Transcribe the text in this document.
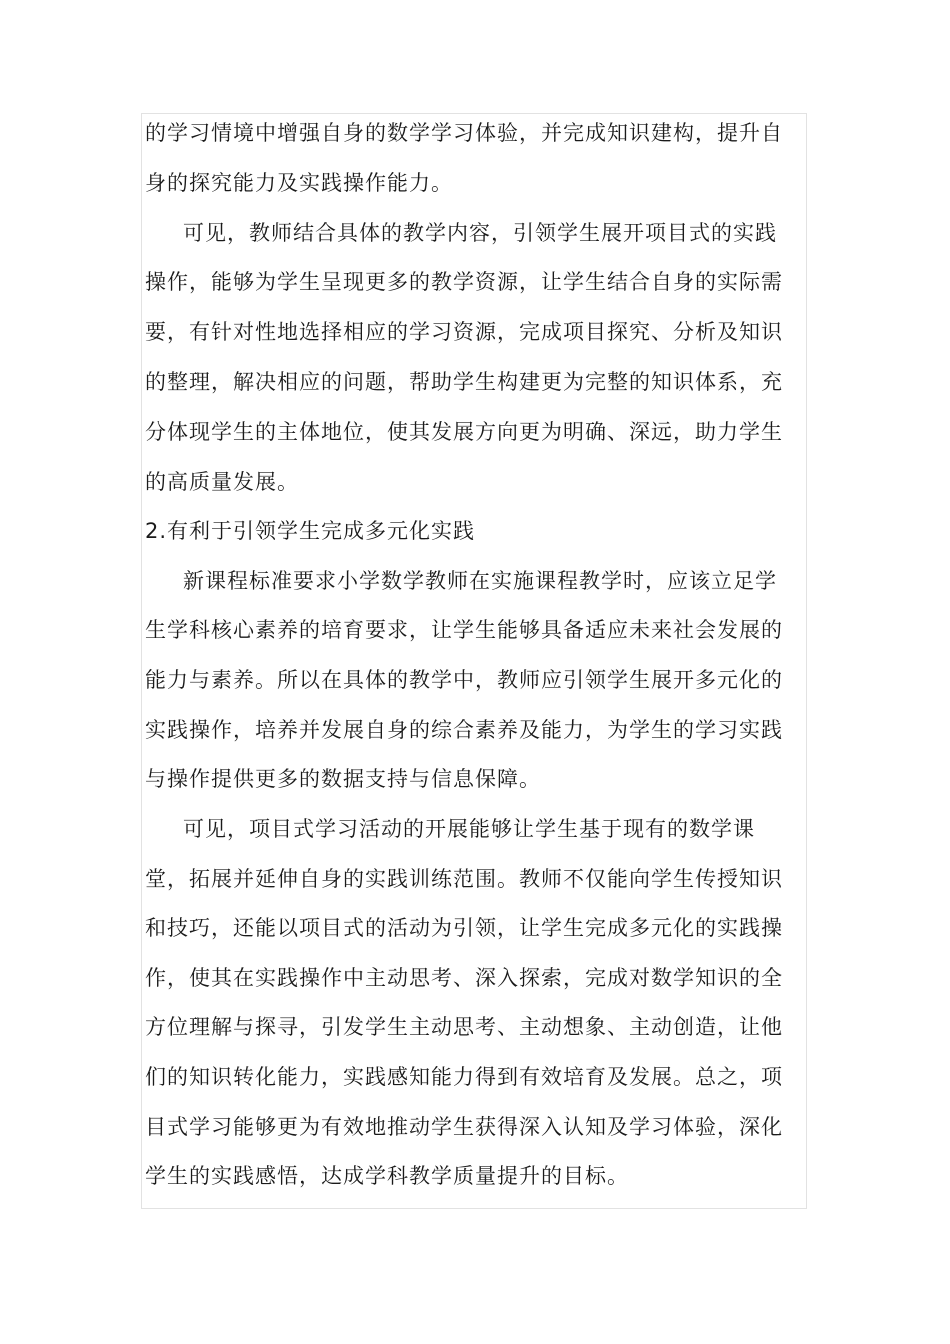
的学习情境中增强自身的数学学习体验，并完成知识建构，提升自
身的探究能力及实践操作能力。
可见，教师结合具体的教学内容，引领学生展开项目式的实践
操作，能够为学生呈现更多的教学资源，让学生结合自身的实际需
要，有针对性地选择相应的学习资源，完成项目探究、分析及知识
的整理，解决相应的问题，帮助学生构建更为完整的知识体系，充
分体现学生的主体地位，使其发展方向更为明确、深远，助力学生
的高质量发展。
2.有利于引领学生完成多元化实践
新课程标准要求小学数学教师在实施课程教学时，应该立足学
生学科核心素养的培育要求，让学生能够具备适应未来社会发展的
能力与素养。所以在具体的教学中，教师应引领学生展开多元化的
实践操作，培养并发展自身的综合素养及能力，为学生的学习实践
与操作提供更多的数据支持与信息保障。
可见，项目式学习活动的开展能够让学生基于现有的数学课
堂，拓展并延伸自身的实践训练范围。教师不仅能向学生传授知识
和技巧，还能以项目式的活动为引领，让学生完成多元化的实践操
作，使其在实践操作中主动思考、深入探索，完成对数学知识的全
方位理解与探寻，引发学生主动思考、主动想象、主动创造，让他
们的知识转化能力，实践感知能力得到有效培育及发展。总之，项
目式学习能够更为有效地推动学生获得深入认知及学习体验，深化
学生的实践感悟，达成学科教学质量提升的目标。
